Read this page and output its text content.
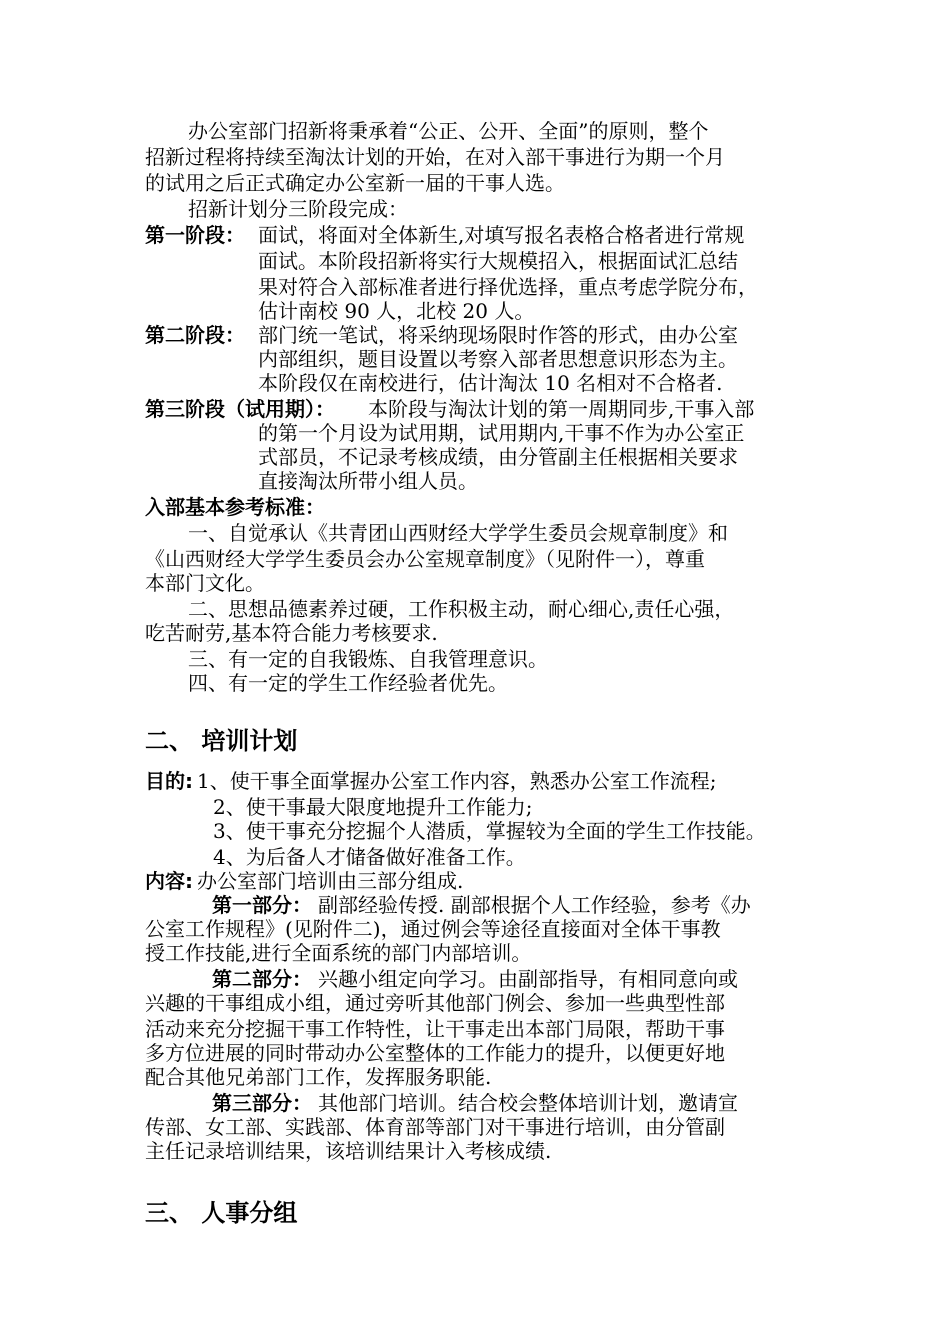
办公室部门招新将秉承着“公正、公开、全面”的原则，整个
招新过程将持续至淘汰计划的开始，在对入部干事进行为期一个月
的试用之后正式确定办公室新一届的干事人选。
招新计划分三阶段完成：
第一阶段： 面试，将面对全体新生,对填写报名表格合格者进行常规
面试。本阶段招新将实行大规模招入，根据面试汇总结
果对符合入部标准者进行择优选择，重点考虑学院分布，
估计南校 90 人，北校 20 人。
第二阶段： 部门统一笔试，将采纳现场限时作答的形式，由办公室
内部组织，题目设置以考察入部者思想意识形态为主。
本阶段仅在南校进行，估计淘汰 10 名相对不合格者.
第三阶段（试用期）： 本阶段与淘汰计划的第一周期同步,干事入部
的第一个月设为试用期，试用期内,干事不作为办公室正
式部员，不记录考核成绩，由分管副主任根据相关要求
直接淘汰所带小组人员。
入部基本参考标准：
一、自觉承认《共青团山西财经大学学生委员会规章制度》和
《山西财经大学学生委员会办公室规章制度》（见附件一），尊重
本部门文化。
二、思想品德素养过硬，工作积极主动，耐心细心,责任心强，
吃苦耐劳,基本符合能力考核要求.
三、有一定的自我锻炼、自我管理意识。
四、有一定的学生工作经验者优先。
二、 培训计划
目的: 1、使干事全面掌握办公室工作内容，熟悉办公室工作流程;
2、使干事最大限度地提升工作能力;
3、使干事充分挖掘个人潜质，掌握较为全面的学生工作技能。
4、为后备人才储备做好准备工作。
内容: 办公室部门培训由三部分组成.
第一部分： 副部经验传授. 副部根据个人工作经验，参考《办
公室工作规程》(见附件二)，通过例会等途径直接面对全体干事教
授工作技能,进行全面系统的部门内部培训。
第二部分： 兴趣小组定向学习。由副部指导，有相同意向或
兴趣的干事组成小组，通过旁听其他部门例会、参加一些典型性部
活动来充分挖掘干事工作特性，让干事走出本部门局限，帮助干事
多方位进展的同时带动办公室整体的工作能力的提升，以便更好地
配合其他兄弟部门工作，发挥服务职能.
第三部分： 其他部门培训。结合校会整体培训计划，邀请宣
传部、女工部、实践部、体育部等部门对干事进行培训，由分管副
主任记录培训结果，该培训结果计入考核成绩.
三、 人事分组
